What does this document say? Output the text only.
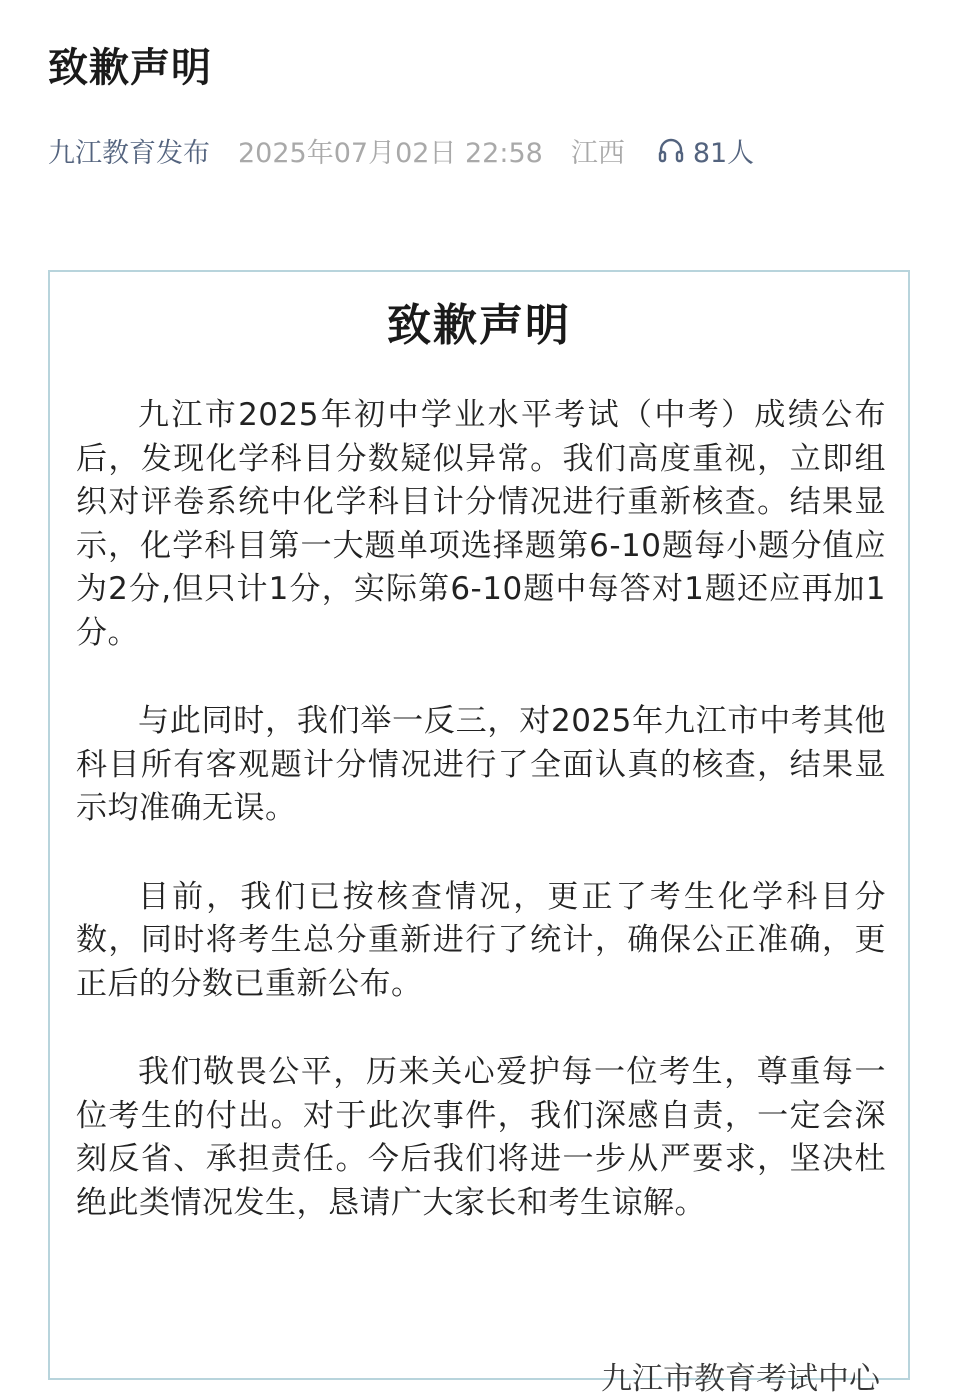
致歉声明
九江教育发布 2025年07月02日 22:58 江西	81人
致歉声明

九江市2025年初中学业水平考试（中考）成绩公布后，发现化学科目分数疑似异常。我们高度重视，立即组织对评卷系统中化学科目计分情况进行重新核查。结果显示，化学科目第一大题单项选择题第6-10题每小题分值应为2分,但只计1分，实际第6-10题中每答对1题还应再加1分。

与此同时，我们举一反三，对2025年九江市中考其他科目所有客观题计分情况进行了全面认真的核查，结果显示均准确无误。

目前，我们已按核查情况，更正了考生化学科目分数，同时将考生总分重新进行了统计，确保公正准确，更正后的分数已重新公布。

我们敬畏公平，历来关心爱护每一位考生，尊重每一位考生的付出。对于此次事件，我们深感自责，一定会深刻反省、承担责任。今后我们将进一步从严要求，坚决杜绝此类情况发生，恳请广大家长和考生谅解。

九江市教育考试中心
